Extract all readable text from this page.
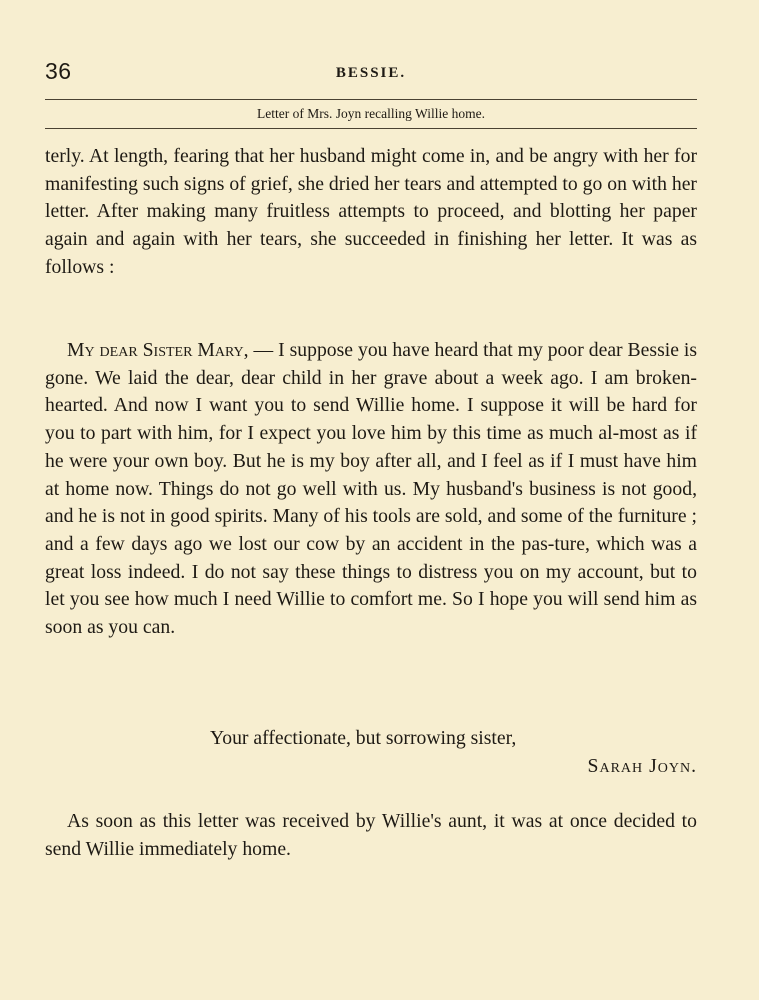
36	BESSIE.
Letter of Mrs. Joyn recalling Willie home.

terly. At length, fearing that her husband might come in, and be angry with her for manifesting such signs of grief, she dried her tears and attempted to go on with her letter. After making many fruitless attempts to proceed, and blotting her paper again and again with her tears, she succeeded in finishing her letter. It was as follows :

My dear Sister Mary, — I suppose you have heard that my poor dear Bessie is gone. We laid the dear, dear child in her grave about a week ago. I am broken-hearted. And now I want you to send Willie home. I suppose it will be hard for you to part with him, for I expect you love him by this time as much al-most as if he were your own boy. But he is my boy after all, and I feel as if I must have him at home now. Things do not go well with us. My husband's business is not good, and he is not in good spirits. Many of his tools are sold, and some of the furniture ; and a few days ago we lost our cow by an accident in the pas-ture, which was a great loss indeed. I do not say these things to distress you on my account, but to let you see how much I need Willie to comfort me. So I hope you will send him as soon as you can.

Your affectionate, but sorrowing sister,
Sarah Joyn.

As soon as this letter was received by Willie's aunt, it was at once decided to send Willie immediately home.
